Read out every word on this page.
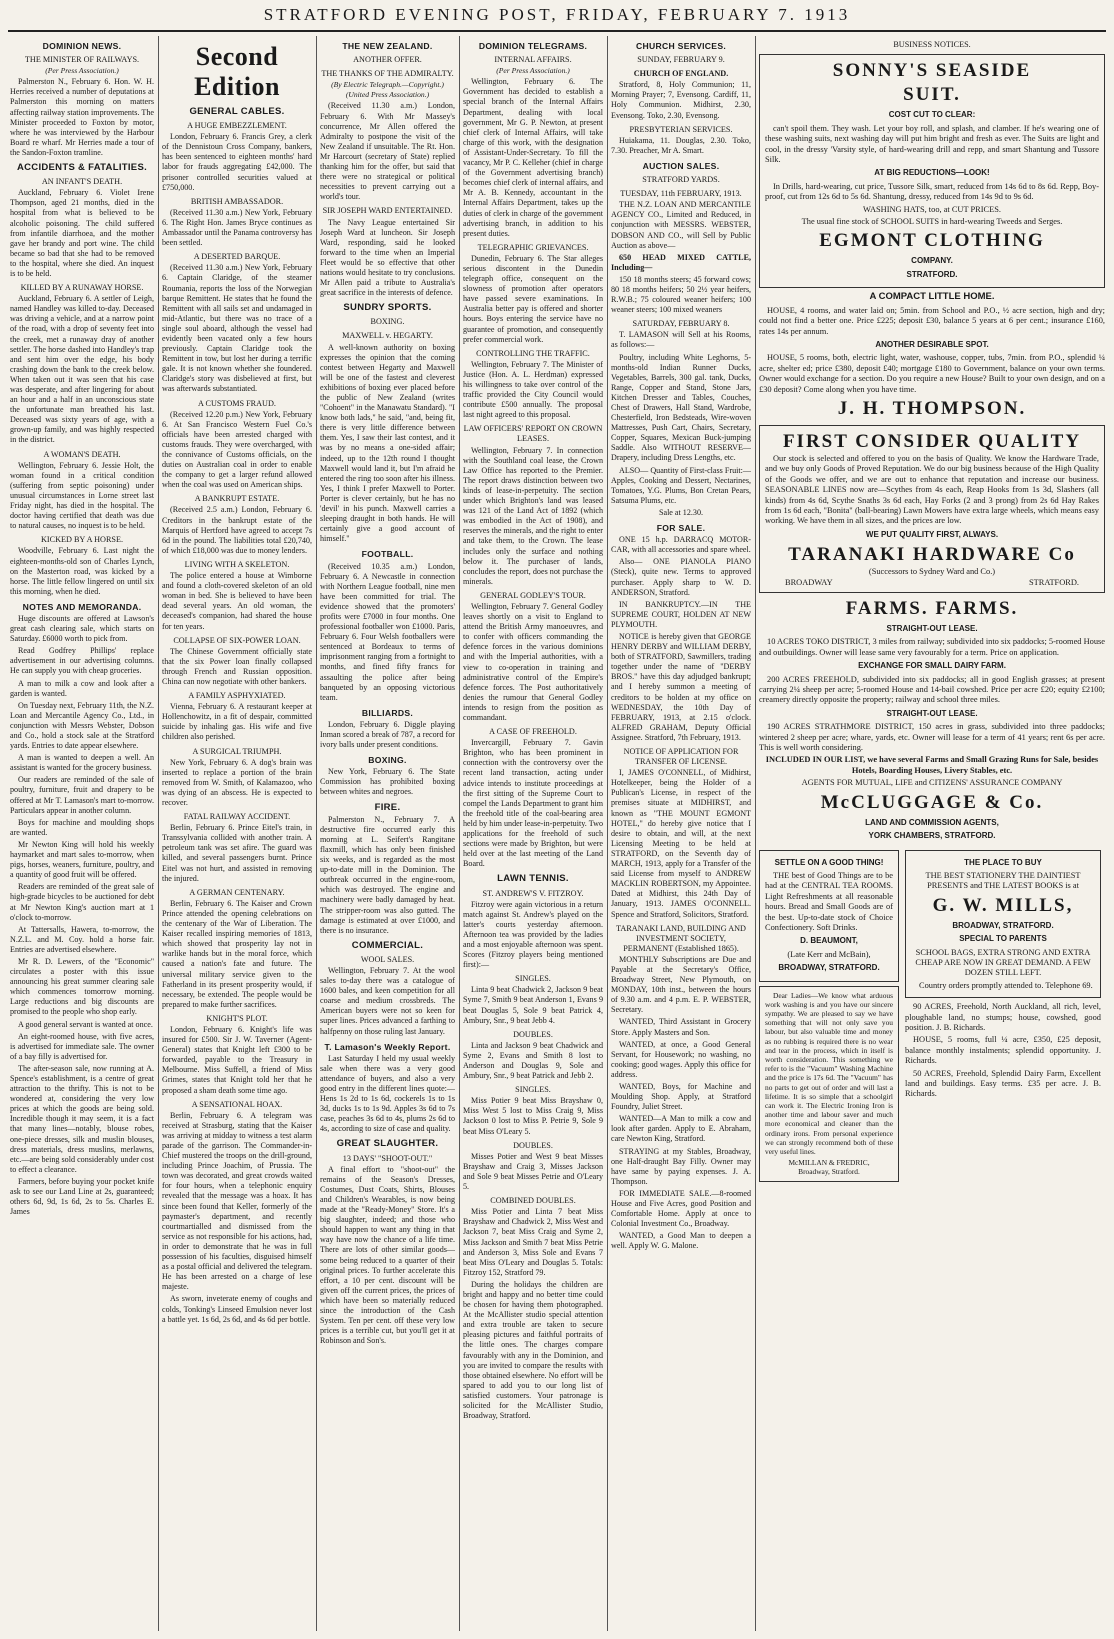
STRATFORD EVENING POST, FRIDAY, FEBRUARY 7. 1913
DOMINION NEWS.
THE MINISTER OF RAILWAYS.
(Per Press Association.)

Palmerston N., February 6. Hon. W. H. Herries received a number of deputations at Palmerston this morning on matters affecting railway station improvements. The Minister proceeded to Foxton by motor, where he was interviewed by the Harbour Board re wharf. Mr Herries made a tour of the Sandon-Foxton tramline.

ACCIDENTS & FATALITIES.
AN INFANT'S DEATH.

Auckland, February 6. Violet Irene Thompson, aged 21 months, died in the hospital from what is believed to be alcoholic poisoning. The child suffered from infantile diarrhoea, and the mother gave her brandy and port wine. The child became so bad that she had to be removed to the hospital, where she died. An inquest is to be held.

KILLED BY A RUNAWAY HORSE.

Auckland, February 6. A settler of Leigh, named Handley was killed to-day. Deceased was driving a vehicle, and at a narrow point of the road, with a drop of seventy feet into the creek, met a runaway dray of another settler. The horse dashed into Handley's trap and sent him over the edge, his body crashing down the bank to the creek below. When taken out it was seen that his case was desperate, and after lingering for about an hour and a half in an unconscious state the unfortunate man breathed his last. Deceased was sixty years of age, with a grown-up family, and was highly respected in the district.

A WOMAN'S DEATH.

Wellington, February 6. Jessie Holt, the woman found in a critical condition (suffering from septic poisoning) under unusual circumstances in Lorne street last Friday night, has died in the hospital. The doctor having certified that death was due to natural causes, no inquest is to be held.

KICKED BY A HORSE.

Woodville, February 6. Last night the eighteen-months-old son of Charles Lynch, on the Masterton road, was kicked by a horse. The little fellow lingered on until six this morning, when he died.

NOTES AND MEMORANDA.

Huge discounts are offered at Lawson's great cash clearing sale, which starts on Saturday. £6000 worth to pick from.

Read Godfrey Phillips' replace advertisement in our advertising columns. He can supply you with cheap groceries.

A man to milk a cow and look after a garden is wanted.

On Tuesday next, February 11th, the N.Z. Loan and Mercantile Agency Co., Ltd., in conjunction with Messrs Webster, Dobson and Co., hold a stock sale at the Stratford yards. Entries to date appear elsewhere.

A man is wanted to deepen a well. An assistant is wanted for the grocery business.

Our readers are reminded of the sale of poultry, furniture, fruit and drapery to be offered at Mr T. Lamason's mart to-morrow. Particulars appear in another column.

Boys for machine and moulding shops are wanted.

Mr Newton King will hold his weekly haymarket and mart sales to-morrow, when pigs, horses, weaners, furniture, poultry, and a quantity of good fruit will be offered.

Readers are reminded of the great sale of high-grade bicycles to be auctioned for debt at Mr Newton King's auction mart at 1 o'clock to-morrow.

At Tattersalls, Hawera, to-morrow, the N.Z.L. and M. Coy. hold a horse fair. Entries are advertised elsewhere.

Mr R. D. Lewers, of the "Economic" circulates a poster with this issue announcing his great summer clearing sale which commences tomorrow morning. Large reductions and big discounts are promised to the people who shop early.

A good general servant is wanted at once.

An eight-roomed house, with five acres, is advertised for immediate sale. The owner of a bay filly is advertised for.

The after-season sale, now running at A. Spence's establishment, is a centre of great attraction to the thrifty. This is not to be wondered at, considering the very low prices at which the goods are being sold. Incredible though it may seem, it is a fact that many lines—notably, blouse robes, one-piece dresses, silk and muslin blouses, dress materials, dress muslins, merlawns, etc.—are being sold considerably under cost to effect a clearance.

Farmers, before buying your pocket knife ask to see our Land Line at 2s, guaranteed; others 6d, 9d, 1s 6d, 2s to 5s. Charles E. James

Second Edition
GENERAL CABLES.
A HUGE EMBEZZLEMENT.

London, February 6. Francis Grey, a clerk of the Dennistoun Cross Company, bankers, has been sentenced to eighteen months' hard labor for frauds aggregating £42,000. The prisoner controlled securities valued at £750,000.

BRITISH AMBASSADOR.

(Received 11.30 a.m.) New York, February 6. The Right Hon. James Bryce continues as Ambassador until the Panama controversy has been settled.

A DESERTED BARQUE.

(Received 11.30 a.m.) New York, February 6. Captain Claridge, of the steamer Roumania, reports the loss of the Norwegian barque Remittent. He states that he found the Remittent with all sails set and undamaged in mid-Atlantic, but there was no trace of a single soul aboard, although the vessel had evidently been vacated only a few hours previously. Captain Claridge took the Remittent in tow, but lost her during a terrific gale. It is not known whether she foundered. Claridge's story was disbelieved at first, but was afterwards substantiated.

A CUSTOMS FRAUD.

(Received 12.20 p.m.) New York, February 6. At San Francisco Western Fuel Co.'s officials have been arrested charged with customs frauds. They were overcharged, with the connivance of Customs officials, on the duties on Australian coal in order to enable the company to get a larger refund allowed when the coal was used on American ships.

A BANKRUPT ESTATE.

(Received 2.5 a.m.) London, February 6. Creditors in the bankrupt estate of the Marquis of Hertford have agreed to accept 7s 6d in the pound. The liabilities total £20,740, of which £18,000 was due to money lenders.

LIVING WITH A SKELETON.

The police entered a house at Wimborne and found a cloth-covered skeleton of an old woman in bed. She is believed to have been dead several years. An old woman, the deceased's companion, had shared the house for ten years.

COLLAPSE OF SIX-POWER LOAN.

The Chinese Government officially state that the six Power loan finally collapsed through French and Russian opposition. China can now negotiate with other bankers.

A FAMILY ASPHYXIATED.

Vienna, February 6. A restaurant keeper at Hollenchowitz, in a fit of despair, committed suicide by inhaling gas. His wife and five children also perished.

A SURGICAL TRIUMPH.

New York, February 6. A dog's brain was inserted to replace a portion of the brain removed from W. Smith, of Kalamazoo, who was dying of an abscess. He is expected to recover.

FATAL RAILWAY ACCIDENT.

Berlin, February 6. Prince Eitel's train, in Transsylvania collided with another train. A petroleum tank was set afire. The guard was killed, and several passengers burnt. Prince Eitel was not hurt, and assisted in removing the injured.

A GERMAN CENTENARY.

Berlin, February 6. The Kaiser and Crown Prince attended the opening celebrations on the centenary of the War of Liberation. The Kaiser recalled inspiring memories of 1813, which showed that prosperity lay not in warlike hands but in the moral force, which caused a nation's fate and future. The universal military service given to the Fatherland in its present prosperity would, if necessary, be extended. The people would be prepared to make further sacrifices.

KNIGHT'S PLOT.

London, February 6. Knight's life was insured for £500. Sir J. W. Taverner (Agent-General) states that Knight left £300 to be forwarded, payable to the Treasury in Melbourne. Miss Suffell, a friend of Miss Grimes, states that Knight told her that he proposed a sham death some time ago.

A SENSATIONAL HOAX.

Berlin, February 6. A telegram was received at Strasburg, stating that the Kaiser was arriving at midday to witness a test alarm parade of the garrison. The Commander-in-Chief mustered the troops on the drill-ground, including Prince Joachim, of Prussia. The town was decorated, and great crowds waited for four hours, when a telephonic enquiry revealed that the message was a hoax. It has since been found that Keller, formerly of the paymaster's department, and recently courtmartialled and dismissed from the service as not responsible for his actions, had, in order to demonstrate that he was in full possession of his faculties, disguised himself as a postal official and delivered the telegram. He has been arrested on a charge of lese majeste.

As sworn, inveterate enemy of coughs and colds, Tonking's Linseed Emulsion never lost a battle yet. 1s 6d, 2s 6d, and 4s 6d per bottle.

THE NEW ZEALAND.
ANOTHER OFFER.
THE THANKS OF THE ADMIRALTY.
(By Electric Telegraph.—Copyright.) (United Press Association.)

(Received 11.30 a.m.) London, February 6. With Mr Massey's concurrence, Mr Allen offered the Admiralty to postpone the visit of the New Zealand if unsuitable. The Rt. Hon. Mr Harcourt (secretary of State) replied thanking him for the offer, but said that there were no strategical or political necessities to prevent carrying out a world's tour.

SIR JOSEPH WARD ENTERTAINED.

The Navy League entertained Sir Joseph Ward at luncheon. Sir Joseph Ward, responding, said he looked forward to the time when an Imperial Fleet would be so effective that other nations would hesitate to try conclusions. Mr Allen paid a tribute to Australia's great sacrifice in the interests of defence.

SUNDRY SPORTS.
BOXING.
MAXWELL v. HEGARTY.

A well-known authority on boxing expresses the opinion that the coming contest between Hegarty and Maxwell will be one of the fastest and cleverest exhibitions of boxing ever placed before the public of New Zealand (writes "Cohoent" in the Manawatu Standard). "I know both lads," he said, "and, being fit, there is very little difference between them. Yes, I saw their last contest, and it was by no means a one-sided affair; indeed, up to the 12th round I thought Maxwell would land it, but I'm afraid he entered the ring too soon after his illness. Yes, I think I prefer Maxwell to Porter. Porter is clever certainly, but he has no 'devil' in his punch. Maxwell carries a sleeping draught in both hands. He will certainly give a good account of himself."

FOOTBALL.

(Received 10.35 a.m.) London, February 6. A Newcastle in connection with Northern League football, nine men have been committed for trial. The evidence showed that the promoters' profits were £7000 in four months. One professional footballer won £1000. Paris, February 6. Four Welsh footballers were sentenced at Bordeaux to terms of imprisonment ranging from a fortnight to months, and fined fifty francs for assaulting the police after being banqueted by an opposing victorious team.

BILLIARDS.

London, February 6. Diggle playing Inman scored a break of 787, a record for ivory balls under present conditions.

BOXING.

New York, February 6. The State Commission has prohibited boxing between whites and negroes.

FIRE.

Palmerston N., February 7. A destructive fire occurred early this morning at L. Seifert's Rangitane flaxmill, which has only been finished six weeks, and is regarded as the most up-to-date mill in the Dominion. The outbreak occurred in the engine-room, which was destroyed. The engine and machinery were badly damaged by heat. The stripper-room was also gutted. The damage is estimated at over £1000, and there is no insurance.

COMMERCIAL.
WOOL SALES.

Wellington, February 7. At the wool sales to-day there was a catalogue of 1600 bales, and keen competition for all coarse and medium crossbreds. The American buyers were not so keen for super lines. Prices advanced a farthing to halfpenny on those ruling last January.

T. Lamason's Weekly Report.

Last Saturday I held my usual weekly sale when there was a very good attendance of buyers, and also a very good entry in the different lines quote:—Hens 1s 2d to 1s 6d, cockerels 1s to 1s 3d, ducks 1s to 1s 9d. Apples 3s 6d to 7s case, peaches 3s 6d to 4s, plums 2s 6d to 4s, according to size of case and quality.

GREAT SLAUGHTER.
13 DAYS' "SHOOT-OUT."

A final effort to "shoot-out" the remains of the Season's Dresses, Costumes, Dust Coats, Shirts, Blouses and Children's Wearables, is now being made at the "Ready-Money" Store. It's a big slaughter, indeed; and those who should happen to want any thing in that way have now the chance of a life time. There are lots of other similar goods—some being reduced to a quarter of their original prices. To further accelerate this effort, a 10 per cent. discount will be given off the current prices, the prices of which have been so materially reduced since the introduction of the Cash System. Ten per cent. off these very low prices is a terrible cut, but you'll get it at Robinson and Son's.

DOMINION TELEGRAMS.
INTERNAL AFFAIRS.
(Per Press Association.)

Wellington, February 6. The Government has decided to establish a special branch of the Internal Affairs Department, dealing with local government, Mr G. P. Newton, at present chief clerk of Internal Affairs, will take charge of this work, with the designation of Assistant-Under-Secretary. To fill the vacancy, Mr P. C. Kelleher (chief in charge of the Government advertising branch) becomes chief clerk of internal affairs, and Mr A. B. Kennedy, accountant in the Internal Affairs Department, takes up the duties of clerk in charge of the government advertising branch, in addition to his present duties.

TELEGRAPHIC GRIEVANCES.

Dunedin, February 6. The Star alleges serious discontent in the Dunedin telegraph office, consequent on the slowness of promotion after operators have passed severe examinations. In Australia better pay is offered and shorter hours. Boys entering the service have no guarantee of promotion, and consequently prefer commercial work.

CONTROLLING THE TRAFFIC.

Wellington, February 7. The Minister of Justice (Hon. A. L. Herdman) expressed his willingness to take over control of the traffic provided the City Council would contribute £500 annually. The proposal last night agreed to this proposal.

LAW OFFICERS' REPORT ON CROWN LEASES.

Wellington, February 7. In connection with the Southland coal lease, the Crown Law Office has reported to the Premier. The report draws distinction between two kinds of lease-in-perpetuity. The section under which Brighton's land was leased was 121 of the Land Act of 1892 (which was embodied in the Act of 1908), and reserves the minerals, and the right to enter and take them, to the Crown. The lease includes only the surface and nothing below it. The purchaser of lands, concludes the report, does not purchase the minerals.

GENERAL GODLEY'S TOUR.

Wellington, February 7. General Godley leaves shortly on a visit to England to attend the British Army manoeuvres, and to confer with officers commanding the defence forces in the various dominions and with the Imperial authorities, with a view to co-operation in training and administrative control of the Empire's defence forces. The Post authoritatively denies the rumour that General Godley intends to resign from the position as commandant.

A CASE OF FREEHOLD.

Invercargill, February 7. Gavin Brighton, who has been prominent in connection with the controversy over the recent land transaction, acting under advice intends to institute proceedings at the first sitting of the Supreme Court to compel the Lands Department to grant him the freehold title of the coal-bearing area held by him under lease-in-perpetuity. Two applications for the freehold of such sections were made by Brighton, but were held over at the last meeting of the Land Board.

LAWN TENNIS.
ST. ANDREW'S V. FITZROY.

Fitzroy were again victorious in a return match against St. Andrew's played on the latter's courts yesterday afternoon. Afternoon tea was provided by the ladies and a most enjoyable afternoon was spent. Scores (Fitzroy players being mentioned first):—

SINGLES.

Linta 9 beat Chadwick 2, Jackson 9 beat Syme 7, Smith 9 beat Anderson 1, Evans 9 beat Douglas 5, Sole 9 beat Patrick 4, Ambury, Snr., 9 beat Jebb 4.

DOUBLES.

Linta and Jackson 9 beat Chadwick and Syme 2, Evans and Smith 8 lost to Anderson and Douglas 9, Sole and Ambury, Snr., 9 beat Patrick and Jebb 2.

SINGLES.

Miss Potier 9 beat Miss Brayshaw 0, Miss West 5 lost to Miss Craig 9, Miss Jackson 0 lost to Miss P. Petrie 9, Sole 9 beat Miss O'Leary 5.

DOUBLES.

Misses Potier and West 9 beat Misses Brayshaw and Craig 3, Misses Jackson and Sole 9 beat Misses Petrie and O'Leary 5.

COMBINED DOUBLES.

Miss Potier and Linta 7 beat Miss Brayshaw and Chadwick 2, Miss West and Jackson 7, beat Miss Craig and Syme 2, Miss Jackson and Smith 7 beat Miss Petrie and Anderson 3, Miss Sole and Evans 7 beat Miss O'Leary and Douglas 5. Totals: Fitzroy 152, Stratford 79.

During the holidays the children are bright and happy and no better time could be chosen for having them photographed. At the McAllister studio special attention and extra trouble are taken to secure pleasing pictures and faithful portraits of the little ones. The charges compare favourably with any in the Dominion, and you are invited to compare the results with those obtained elsewhere. No effort will be spared to add you to our long list of satisfied customers. Your patronage is solicited for the McAllister Studio, Broadway, Stratford.

CHURCH SERVICES.
SUNDAY, FEBRUARY 9.
CHURCH OF ENGLAND.

Stratford, 8, Holy Communion; 11, Morning Prayer; 7, Evensong. Cardiff, 11, Holy Communion. Midhirst, 2.30, Evensong. Toko, 2.30, Evensong.

PRESBYTERIAN SERVICES.

Huiakama, 11. Douglas, 2.30. Toko, 7.30. Preacher, Mr A. Smart.

AUCTION SALES.
STRATFORD YARDS.
TUESDAY, 11th FEBRUARY, 1913.

THE N.Z. LOAN AND MERCANTILE AGENCY CO., Limited and Reduced, in conjunction with MESSRS. WEBSTER, DOBSON AND CO., will Sell by Public Auction as above—

650 HEAD MIXED CATTLE, Including—

150 18 months steers; 45 forward cows; 80 18 months heifers; 50 2½ year heifers, R.W.B.; 75 coloured weaner heifers; 100 weaner steers; 100 mixed weaners

SATURDAY, FEBRUARY 8.

T. LAMASON will Sell at his Rooms, as follows:—

Poultry, including White Leghorns, 5-months-old Indian Runner Ducks, Vegetables, Barrels, 300 gal. tank, Ducks, Range, Copper and Stand, Stone Jars, Kitchen Dresser and Tables, Couches, Chest of Drawers, Hall Stand, Wardrobe, Chesterfield, Iron Bedsteads, Wire-woven Mattresses, Push Cart, Chairs, Secretary, Copper, Squares, Mexican Buck-jumping Saddle. Also WITHOUT RESERVE— Drapery, including Dress Lengths, etc.

ALSO— Quantity of First-class Fruit:— Apples, Cooking and Dessert, Nectarines, Tomatoes, Y.G. Plums, Bon Cretan Pears, Satsuma Plums, etc.

Sale at 12.30.

FOR SALE.

ONE 15 h.p. DARRACQ MOTOR-CAR, with all accessories and spare wheel.

Also— ONE PIANOLA PIANO (Steck), quite new. Terms to approved purchaser. Apply sharp to W. D. ANDERSON, Stratford.

IN BANKRUPTCY.—IN THE SUPREME COURT, HOLDEN AT NEW PLYMOUTH.

NOTICE is hereby given that GEORGE HENRY DERBY and WILLIAM DERBY, both of STRATFORD, Sawmillers, trading together under the name of "DERBY BROS." have this day adjudged bankrupt; and I hereby summon a meeting of creditors to be holden at my office on WEDNESDAY, the 10th Day of FEBRUARY, 1913, at 2.15 o'clock. ALFRED GRAHAM, Deputy Official Assignee. Stratford, 7th February, 1913.

NOTICE OF APPLICATION FOR TRANSFER OF LICENSE.

I, JAMES O'CONNELL, of Midhirst, Hotelkeeper, being the Holder of a Publican's License, in respect of the premises situate at MIDHIRST, and known as "THE MOUNT EGMONT HOTEL," do hereby give notice that I desire to obtain, and will, at the next Licensing Meeting to be held at STRATFORD, on the Seventh day of MARCH, 1913, apply for a Transfer of the said License from myself to ANDREW MACKLIN ROBERTSON, my Appointee. Dated at Midhirst, this 24th Day of January, 1913. JAMES O'CONNELL. Spence and Stratford, Solicitors, Stratford.

TARANAKI LAND, BUILDING AND INVESTMENT SOCIETY, PERMANENT (Established 1865).

MONTHLY Subscriptions are Due and Payable at the Secretary's Office, Broadway Street, New Plymouth, on MONDAY, 10th inst., between the hours of 9.30 a.m. and 4 p.m. E. P. WEBSTER, Secretary.

WANTED, Third Assistant in Grocery Store. Apply Masters and Son.

WANTED, at once, a Good General Servant, for Housework; no washing, no cooking; good wages. Apply this office for address.

WANTED, Boys, for Machine and Moulding Shop. Apply, at Stratford Foundry, Juliet Street.

WANTED—A Man to milk a cow and look after garden. Apply to E. Abraham, care Newton King, Stratford.

STRAYING at my Stables, Broadway, one Half-draught Bay Filly. Owner may have same by paying expenses. J. A. Thompson.

FOR IMMEDIATE SALE.—8-roomed House and Five Acres, good Position and Comfortable Home. Apply at once to Colonial Investment Co., Broadway.

WANTED, a Good Man to deepen a well. Apply W. G. Malone.

BUSINESS NOTICES.
SONNY'S SEASIDE
SUIT.
COST CUT TO CLEAR:

can't spoil them. They wash. Let your boy roll, and splash, and clamber. If he's wearing one of these washing suits, next washing day will put him bright and fresh as ever. The Suits are light and cool, in the dressy 'Varsity style, of hard-wearing drill and repp, and smart Shantung and Tussore Silk.

AT BIG REDUCTIONS—LOOK!

In Drills, hard-wearing, cut price, Tussore Silk, smart, reduced from 14s 6d to 8s 6d. Repp, Boy-proof, cut from 12s 6d to 5s 6d. Shantung, dressy, reduced from 14s 9d to 9s 6d.

WASHING HATS, too, at CUT PRICES.

The usual fine stock of SCHOOL SUITS in hard-wearing Tweeds and Serges.

EGMONT CLOTHING
COMPANY.
STRATFORD.
A COMPACT LITTLE HOME.

HOUSE, 4 rooms, and water laid on; 5min. from School and P.O., ½ acre section, high and dry; could not find a better one. Price £225; deposit £30, balance 5 years at 6 per cent.; insurance £160, rates 14s per annum.

ANOTHER DESIRABLE SPOT.

HOUSE, 5 rooms, both, electric light, water, washouse, copper, tubs, 7min. from P.O., splendid ¼ acre, shelter ed; price £380, deposit £40; mortgage £180 to Government, balance on your own terms. Owner would exchange for a section. Do you require a new House? Built to your own design, and on a £30 deposit? Come along when you have time.

J. H. THOMPSON.
FIRST CONSIDER QUALITY

Our stock is selected and offered to you on the basis of Quality. We know the Hardware Trade, and we buy only Goods of Proved Reputation. We do our big business because of the High Quality of the Goods we offer, and we are out to enhance that reputation and increase our business. SEASONABLE LINES now are—Scythes from 4s each, Reap Hooks from 1s 3d, Slashers (all kinds) from 4s 6d, Scythe Snaths 3s 6d each, Hay Forks (2 and 3 prong) from 2s 6d Hay Rakes from 1s 6d each, "Bonita" (ball-bearing) Lawn Mowers have extra large wheels, which means easy working. We have them in all sizes, and the prices are low.

WE PUT QUALITY FIRST, ALWAYS.
TARANAKI HARDWARE Co
(Successors to Sydney Ward and Co.)
BROADWAY	STRATFORD.
FARMS. FARMS.
STRAIGHT-OUT LEASE.

10 ACRES TOKO DISTRICT, 3 miles from railway; subdivided into six paddocks; 5-roomed House and outbuildings. Owner will lease same very favourably for a term. Price on application.

EXCHANGE FOR SMALL DAIRY FARM.

200 ACRES FREEHOLD, subdivided into six paddocks; all in good English grasses; at present carrying 2¼ sheep per acre; 5-roomed House and 14-bail cowshed. Price per acre £20; equity £2100; creamery directly opposite the property; railway and school three miles.

STRAIGHT-OUT LEASE.

190 ACRES STRATHMORE DISTRICT, 150 acres in grass, subdivided into three paddocks; wintered 2 sheep per acre; whare, yards, etc. Owner will lease for a term of 41 years; rent 6s per acre. This is well worth considering.

INCLUDED IN OUR LIST, we have several Farms and Small Grazing Runs for Sale, besides Hotels, Boarding Houses, Livery Stables, etc.

AGENTS FOR MUTUAL, LIFE and CITIZENS' ASSURANCE COMPANY

McCLUGGAGE & Co.
LAND AND COMMISSION AGENTS,
YORK CHAMBERS, STRATFORD.
SETTLE ON A GOOD THING!

THE best of Good Things are to be had at the CENTRAL TEA ROOMS. Light Refreshments at all reasonable hours. Bread and Small Goods are of the best. Up-to-date stock of Choice Confectionery. Soft Drinks.

D. BEAUMONT,
(Late Kerr and McBain),
BROADWAY, STRATFORD.

Dear Ladies—We know what arduous work washing is and you have our sincere sympathy. We are pleased to say we have something that will not only save you labour, but also valuable time and money as no rubbing is required there is no wear and tear in the process, which in itself is worth consideration. This something we refer to is the "Vacuum" Washing Machine and the price is 17s 6d. The "Vacuum" has no parts to get out of order and will last a lifetime. It is so simple that a schoolgirl can work it. The Electric Ironing Iron is another time and labour saver and much more economical and cleaner than the ordinary irons. From personal experience we can strongly recommend both of these very useful lines.

McMILLAN & FREDRIC,
Broadway, Stratford.
THE PLACE TO BUY

THE BEST STATIONERY THE DAINTIEST PRESENTS and THE LATEST BOOKS is at

G. W. MILLS,
BROADWAY, STRATFORD.
SPECIAL TO PARENTS

SCHOOL BAGS, EXTRA STRONG AND EXTRA CHEAP ARE NOW IN GREAT DEMAND. A FEW DOZEN STILL LEFT.

Country orders promptly attended to. Telephone 69.

90 ACRES, Freehold, North Auckland, all rich, level, ploughable land, no stumps; house, cowshed, good position. J. B. Richards.

HOUSE, 5 rooms, full ¼ acre, £350, £25 deposit, balance monthly instalments; splendid opportunity. J. Richards.

50 ACRES, Freehold, Splendid Dairy Farm, Excellent land and buildings. Easy terms. £35 per acre. J. B. Richards.
